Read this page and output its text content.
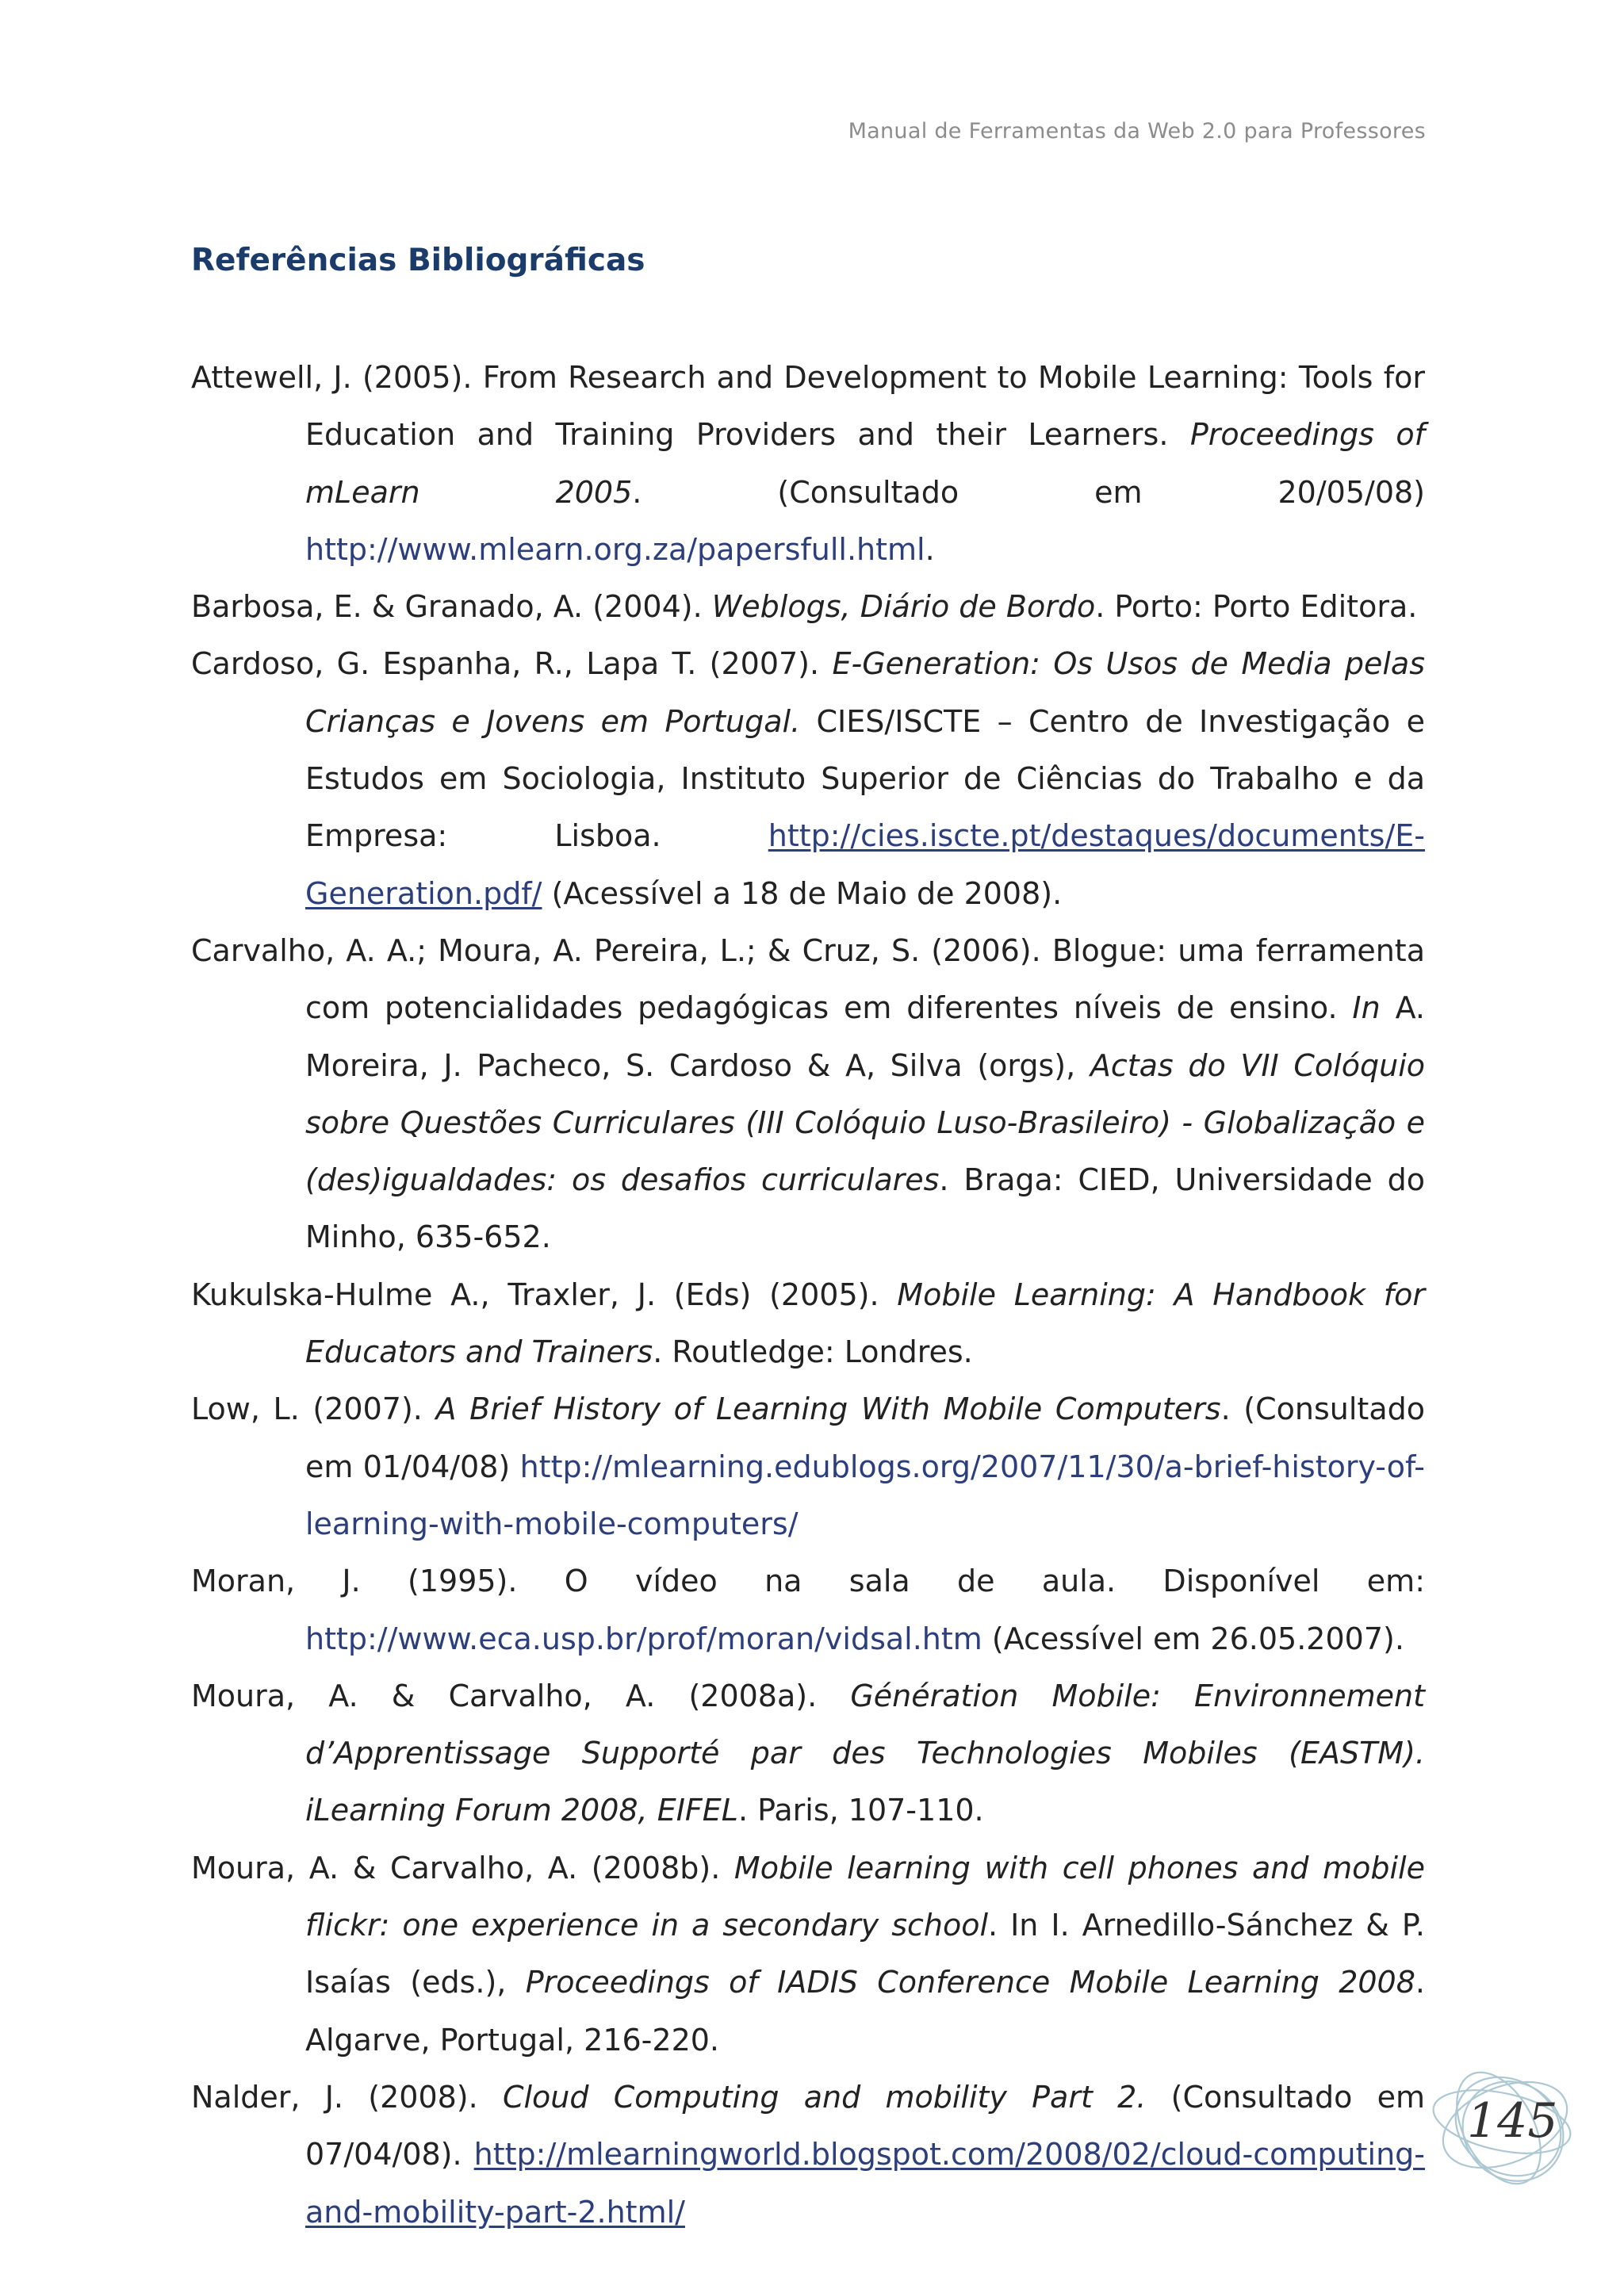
Manual de Ferramentas da Web 2.0 para Professores
Referências Bibliográficas

Attewell, J. (2005). From Research and Development to Mobile Learning: Tools for Education and Training Providers and their Learners. Proceedings of mLearn 2005. (Consultado em 20/05/08) http://www.mlearn.org.za/papersfull.html.

Barbosa, E. & Granado, A. (2004). Weblogs, Diário de Bordo. Porto: Porto Editora.

Cardoso, G. Espanha, R., Lapa T. (2007). E-Generation: Os Usos de Media pelas Crianças e Jovens em Portugal. CIES/ISCTE – Centro de Investigação e Estudos em Sociologia, Instituto Superior de Ciências do Trabalho e da Empresa: Lisboa. http://cies.iscte.pt/destaques/documents/E-Generation.pdf/ (Acessível a 18 de Maio de 2008).

Carvalho, A. A.; Moura, A. Pereira, L.; & Cruz, S. (2006). Blogue: uma ferramenta com potencialidades pedagógicas em diferentes níveis de ensino. In A. Moreira, J. Pacheco, S. Cardoso & A, Silva (orgs), Actas do VII Colóquio sobre Questões Curriculares (III Colóquio Luso-Brasileiro) - Globalização e (des)igualdades: os desafios curriculares. Braga: CIED, Universidade do Minho, 635-652.

Kukulska-Hulme A., Traxler, J. (Eds) (2005). Mobile Learning: A Handbook for Educators and Trainers. Routledge: Londres.

Low, L. (2007). A Brief History of Learning With Mobile Computers. (Consultado em 01/04/08) http://mlearning.edublogs.org/2007/11/30/a-brief-history-of-learning-with-mobile-computers/

Moran, J. (1995). O vídeo na sala de aula. Disponível em: http://www.eca.usp.br/prof/moran/vidsal.htm (Acessível em 26.05.2007).

Moura, A. & Carvalho, A. (2008a). Génération Mobile: Environnement d’Apprentissage Supporté par des Technologies Mobiles (EASTM). iLearning Forum 2008, EIFEL. Paris, 107-110.

Moura, A. & Carvalho, A. (2008b). Mobile learning with cell phones and mobile flickr: one experience in a secondary school. In I. Arnedillo-Sánchez & P. Isaías (eds.), Proceedings of IADIS Conference Mobile Learning 2008. Algarve, Portugal, 216-220.

Nalder, J. (2008). Cloud Computing and mobility Part 2. (Consultado em 07/04/08). http://mlearningworld.blogspot.com/2008/02/cloud-computing-and-mobility-part-2.html/

145
